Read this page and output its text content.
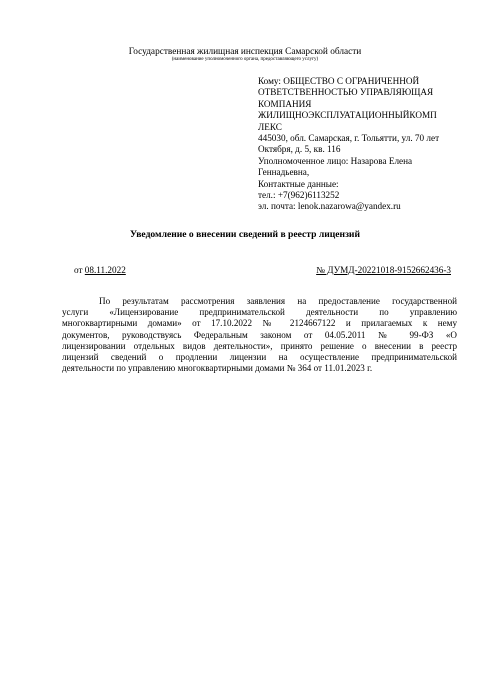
Государственная жилищная инспекция Самарской области
(наименование уполномоченного органа, предоставляющего услугу)
Кому: ОБЩЕСТВО С ОГРАНИЧЕННОЙ
ОТВЕТСТВЕННОСТЬЮ УПРАВЛЯЮЩАЯ
КОМПАНИЯ
ЖИЛИЩНОЭКСПЛУАТАЦИОННЫЙКОМП
ЛЕКС
445030, обл. Самарская, г. Тольятти, ул. 70 лет
Октября, д. 5, кв. 116
Уполномоченное лицо: Назарова Елена
Геннадьевна,
Контактные данные:
тел.: +7(962)6113252
эл. почта: lenok.nazarowa@yandex.ru
Уведомление о внесении сведений в реестр лицензий
от 08.11.2022	№ ДУМД-20221018-9152662436-3
По результатам рассмотрения заявления на предоставление государственной
услуги «Лицензирование предпринимательской деятельности по управлению
многоквартирными домами» от 17.10.2022 № 2124667122 и прилагаемых к нему
документов, руководствуясь Федеральным законом от 04.05.2011 № 99-ФЗ «О
лицензировании отдельных видов деятельности», принято решение о внесении в реестр
лицензий сведений о продлении лицензии на осуществление предпринимательской
деятельности по управлению многоквартирными домами № 364 от 11.01.2023 г.
